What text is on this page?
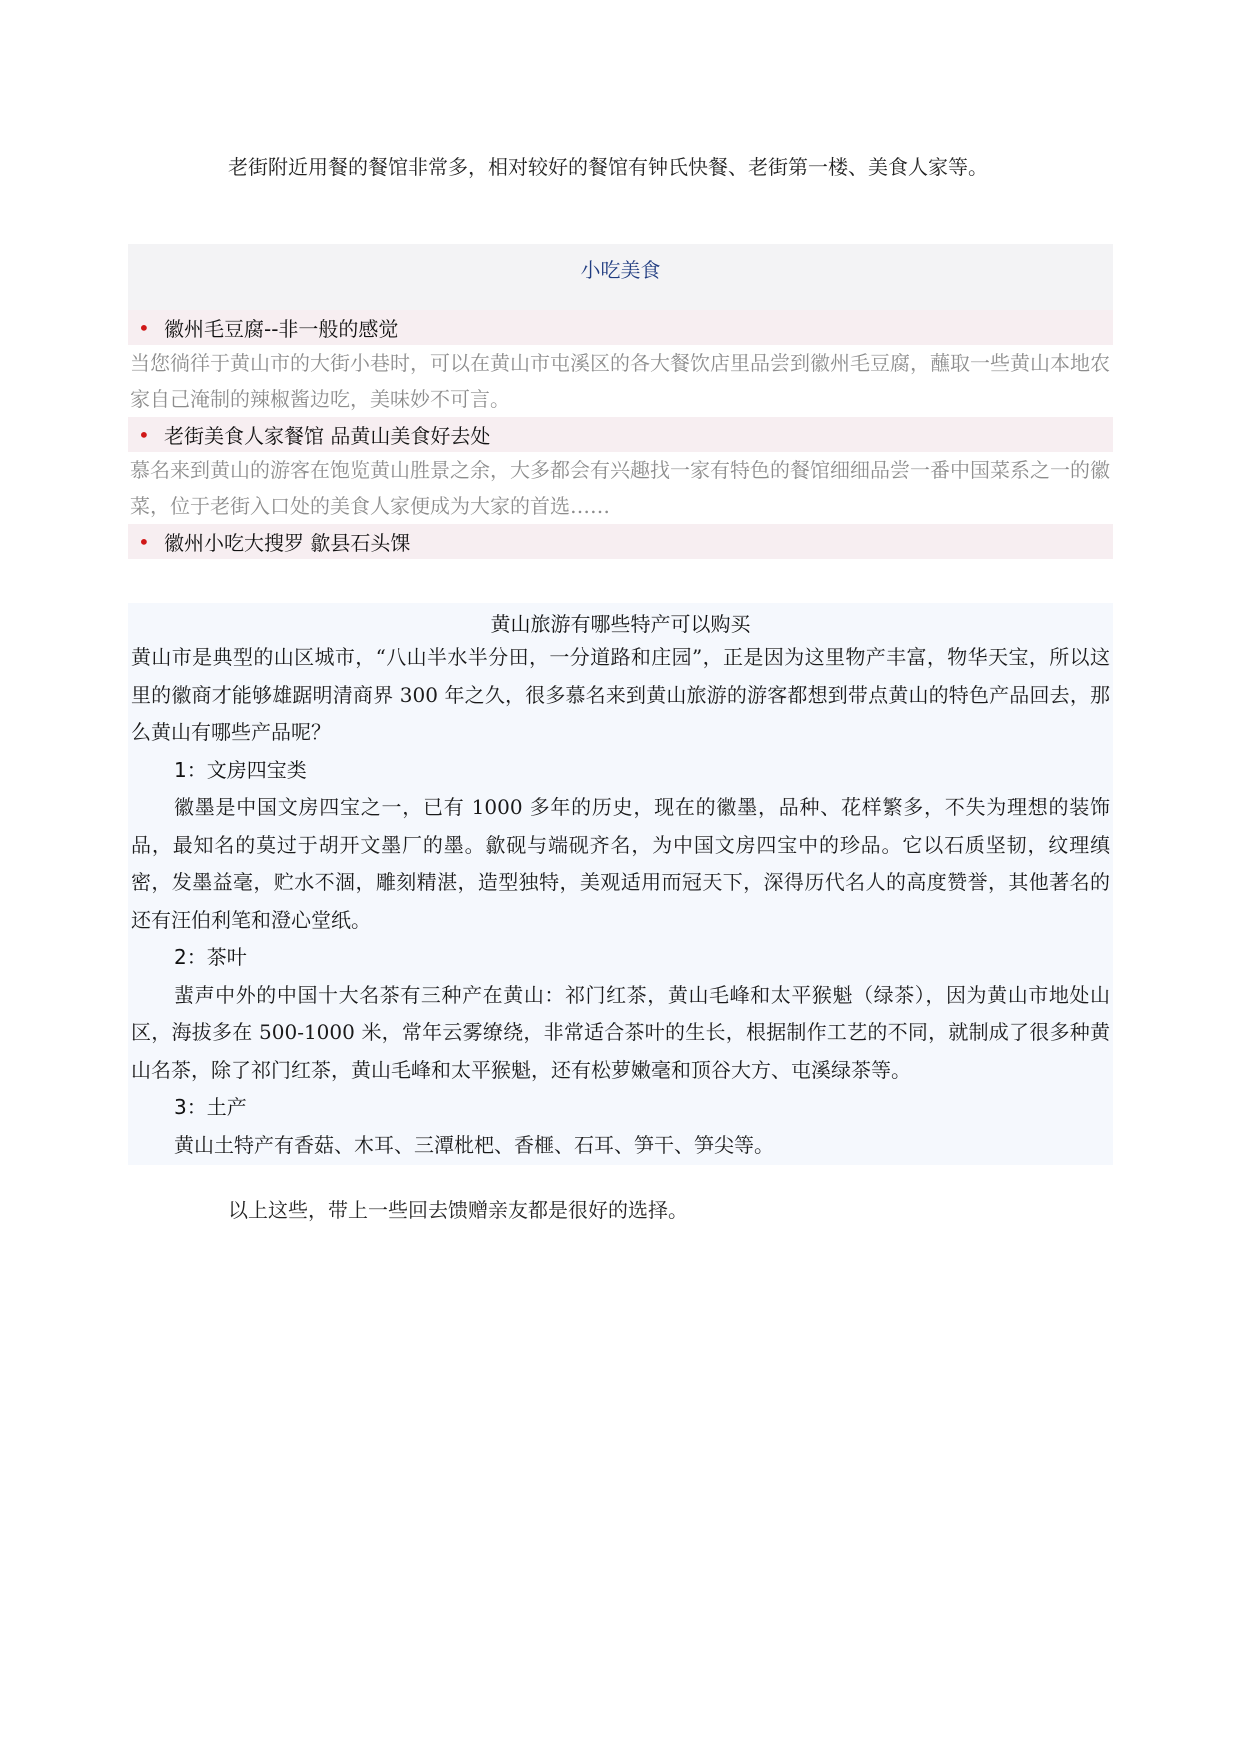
老街附近用餐的餐馆非常多，相对较好的餐馆有钟氏快餐、老街第一楼、美食人家等。

小吃美食
• 徽州毛豆腐--非一般的感觉
当您徜徉于黄山市的大街小巷时，可以在黄山市屯溪区的各大餐饮店里品尝到徽州毛豆腐，蘸取一些黄山本地农家自己淹制的辣椒酱边吃，美味妙不可言。
• 老街美食人家餐馆 品黄山美食好去处
慕名来到黄山的游客在饱览黄山胜景之余，大多都会有兴趣找一家有特色的餐馆细细品尝一番中国菜系之一的徽菜，位于老街入口处的美食人家便成为大家的首选……
• 徽州小吃大搜罗 歙县石头馃
黄山旅游有哪些特产可以购买

黄山市是典型的山区城市，“八山半水半分田，一分道路和庄园”，正是因为这里物产丰富，物华天宝，所以这里的徽商才能够雄踞明清商界 300 年之久，很多慕名来到黄山旅游的游客都想到带点黄山的特色产品回去，那么黄山有哪些产品呢？

1：文房四宝类

徽墨是中国文房四宝之一，已有 1000 多年的历史，现在的徽墨，品种、花样繁多，不失为理想的装饰品，最知名的莫过于胡开文墨厂的墨。歙砚与端砚齐名，为中国文房四宝中的珍品。它以石质坚韧，纹理缜密，发墨益毫，贮水不涸，雕刻精湛，造型独特，美观适用而冠天下，深得历代名人的高度赞誉，其他著名的还有汪伯利笔和澄心堂纸。

2：茶叶

蜚声中外的中国十大名茶有三种产在黄山：祁门红茶，黄山毛峰和太平猴魁（绿茶），因为黄山市地处山区，海拔多在 500-1000 米，常年云雾缭绕，非常适合茶叶的生长，根据制作工艺的不同，就制成了很多种黄山名茶，除了祁门红茶，黄山毛峰和太平猴魁，还有松萝嫩毫和顶谷大方、屯溪绿茶等。

3：土产

黄山土特产有香菇、木耳、三潭枇杷、香榧、石耳、笋干、笋尖等。

以上这些，带上一些回去馈赠亲友都是很好的选择。
